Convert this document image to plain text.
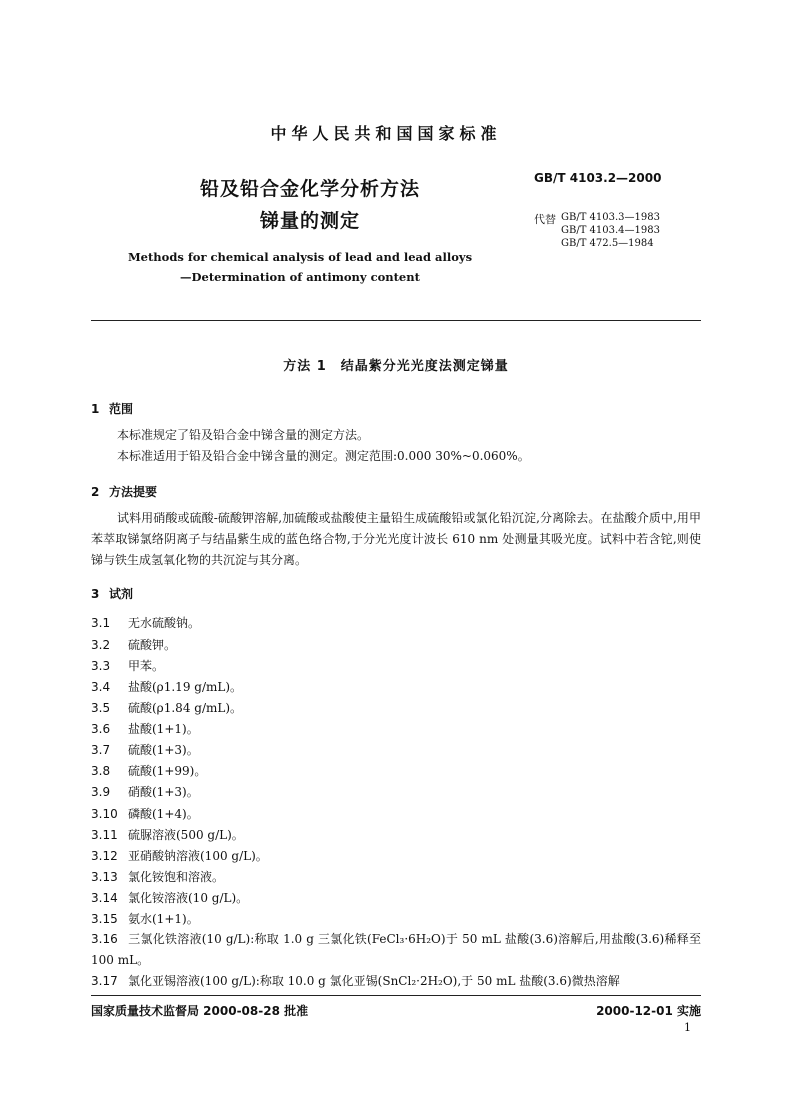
中华人民共和国国家标准
铅及铅合金化学分析方法
锑量的测定
GB/T 4103.2—2000
代替 GB/T 4103.3—1983
GB/T 4103.4—1983
GB/T 472.5—1984
Methods for chemical analysis of lead and lead alloys
—Determination of antimony content
方法 1　结晶紫分光光度法测定锑量
1 范围
本标准规定了铅及铅合金中锑含量的测定方法。
本标准适用于铅及铅合金中锑含量的测定。测定范围:0.000 30%~0.060%。
2 方法提要
试料用硝酸或硫酸-硫酸钾溶解,加硫酸或盐酸使主量铅生成硫酸铅或氯化铅沉淀,分离除去。在盐酸介质中,用甲苯萃取锑氯络阴离子与结晶紫生成的蓝色络合物,于分光光度计波长 610 nm 处测量其吸光度。试料中若含铊,则使锑与铁生成氢氧化物的共沉淀与其分离。
3 试剂
3.1 无水硫酸钠。
3.2 硫酸钾。
3.3 甲苯。
3.4 盐酸(ρ1.19 g/mL)。
3.5 硫酸(ρ1.84 g/mL)。
3.6 盐酸(1+1)。
3.7 硫酸(1+3)。
3.8 硫酸(1+99)。
3.9 硝酸(1+3)。
3.10 磷酸(1+4)。
3.11 硫脲溶液(500 g/L)。
3.12 亚硝酸钠溶液(100 g/L)。
3.13 氯化铵饱和溶液。
3.14 氯化铵溶液(10 g/L)。
3.15 氨水(1+1)。
3.16 三氯化铁溶液(10 g/L):称取 1.0 g 三氯化铁(FeCl₃·6H₂O)于 50 mL 盐酸(3.6)溶解后,用盐酸(3.6)稀释至 100 mL。
3.17 氯化亚锡溶液(100 g/L):称取 10.0 g 氯化亚锡(SnCl₂·2H₂O),于 50 mL 盐酸(3.6)微热溶解
国家质量技术监督局 2000-08-28 批准	2000-12-01 实施
1
